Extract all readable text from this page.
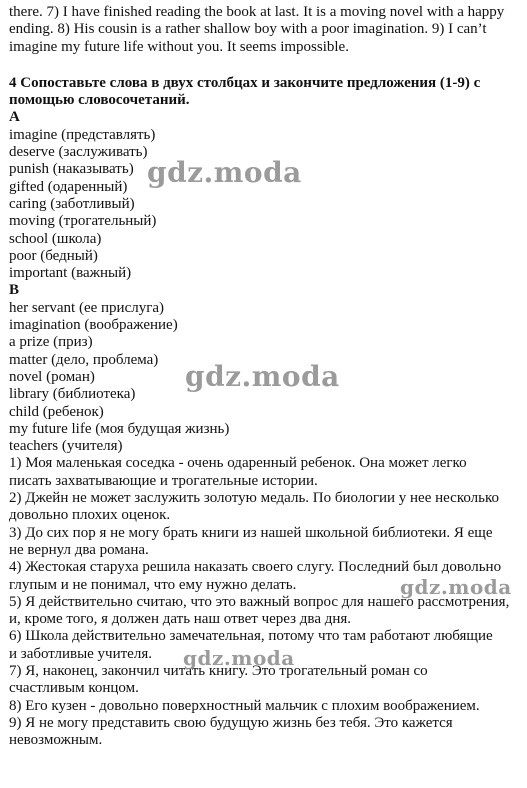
there. 7) I have finished reading the book at last. It is a moving novel with a happy
ending. 8) His cousin is a rather shallow boy with a poor imagination. 9) I can’t
imagine my future life without you. It seems impossible.
4 Сопоставьте слова в двух столбцах и закончите предложения (1-9) с
помощью словосочетаний.
A
imagine (представлять)
deserve (заслуживать)
punish (наказывать)
gifted (одаренный)
caring (заботливый)
moving (трогательный)
school (школа)
poor (бедный)
important (важный)
B
her servant (ее прислуга)
imagination (воображение)
a prize (приз)
matter (дело, проблема)
novel (роман)
library (библиотека)
child (ребенок)
my future life (моя будущая жизнь)
teachers (учителя)
1) Моя маленькая соседка - очень одаренный ребенок. Она может легко
писать захватывающие и трогательные истории.
2) Джейн не может заслужить золотую медаль. По биологии у нее несколько
довольно плохих оценок.
3) До сих пор я не могу брать книги из нашей школьной библиотеки. Я еще
не вернул два романа.
4) Жестокая старуха решила наказать своего слугу. Последний был довольно
глупым и не понимал, что ему нужно делать.
5) Я действительно считаю, что это важный вопрос для нашего рассмотрения,
и, кроме того, я должен дать наш ответ через два дня.
6) Школа действительно замечательная, потому что там работают любящие
и заботливые учителя.
7) Я, наконец, закончил читать книгу. Это трогательный роман со
счастливым концом.
8) Его кузен - довольно поверхностный мальчик с плохим воображением.
9) Я не могу представить свою будущую жизнь без тебя. Это кажется
невозможным.
gdz.moda
gdz.moda
gdz.moda
gdz.moda
